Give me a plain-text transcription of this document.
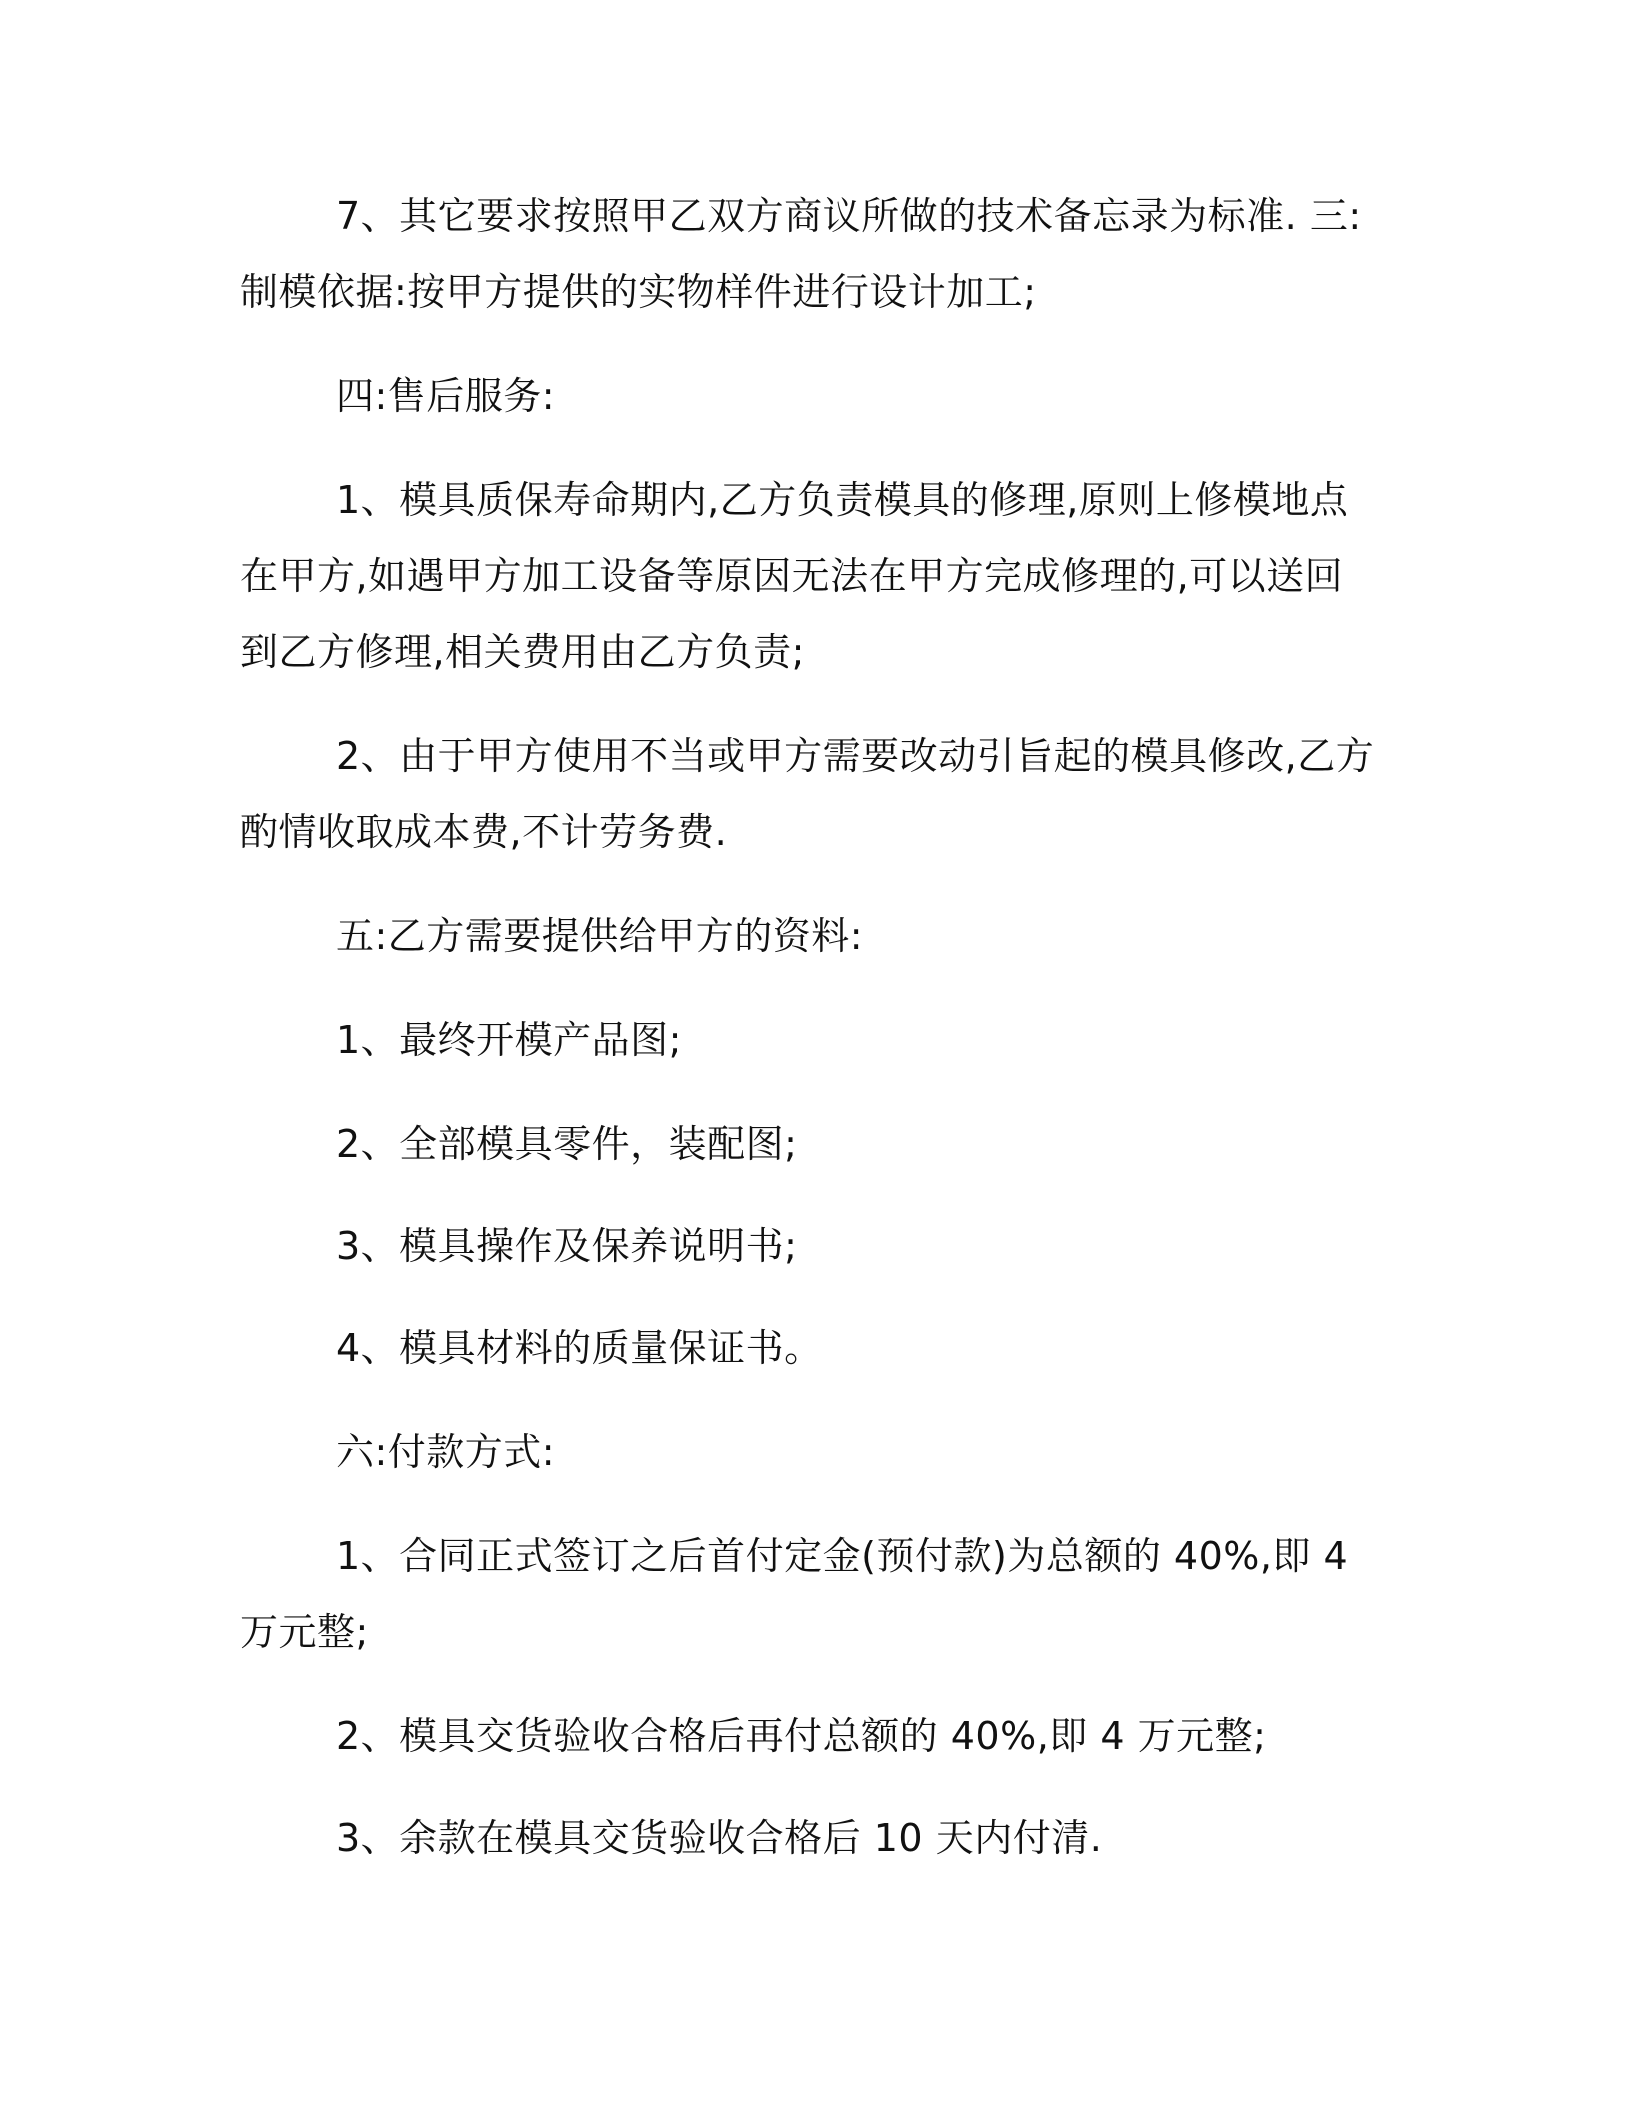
7、其它要求按照甲乙双方商议所做的技术备忘录为标准. 三:制模依据:按甲方提供的实物样件进行设计加工;

四:售后服务:

1、模具质保寿命期内,乙方负责模具的修理,原则上修模地点在甲方,如遇甲方加工设备等原因无法在甲方完成修理的,可以送回到乙方修理,相关费用由乙方负责;

2、由于甲方使用不当或甲方需要改动引旨起的模具修改,乙方酌情收取成本费,不计劳务费.

五:乙方需要提供给甲方的资料:

1、最终开模产品图;

2、全部模具零件，装配图;

3、模具操作及保养说明书;

4、模具材料的质量保证书。

六:付款方式:

1、合同正式签订之后首付定金(预付款)为总额的 40%,即 4 万元整;

2、模具交货验收合格后再付总额的 40%,即 4 万元整;

3、余款在模具交货验收合格后 10 天内付清.
